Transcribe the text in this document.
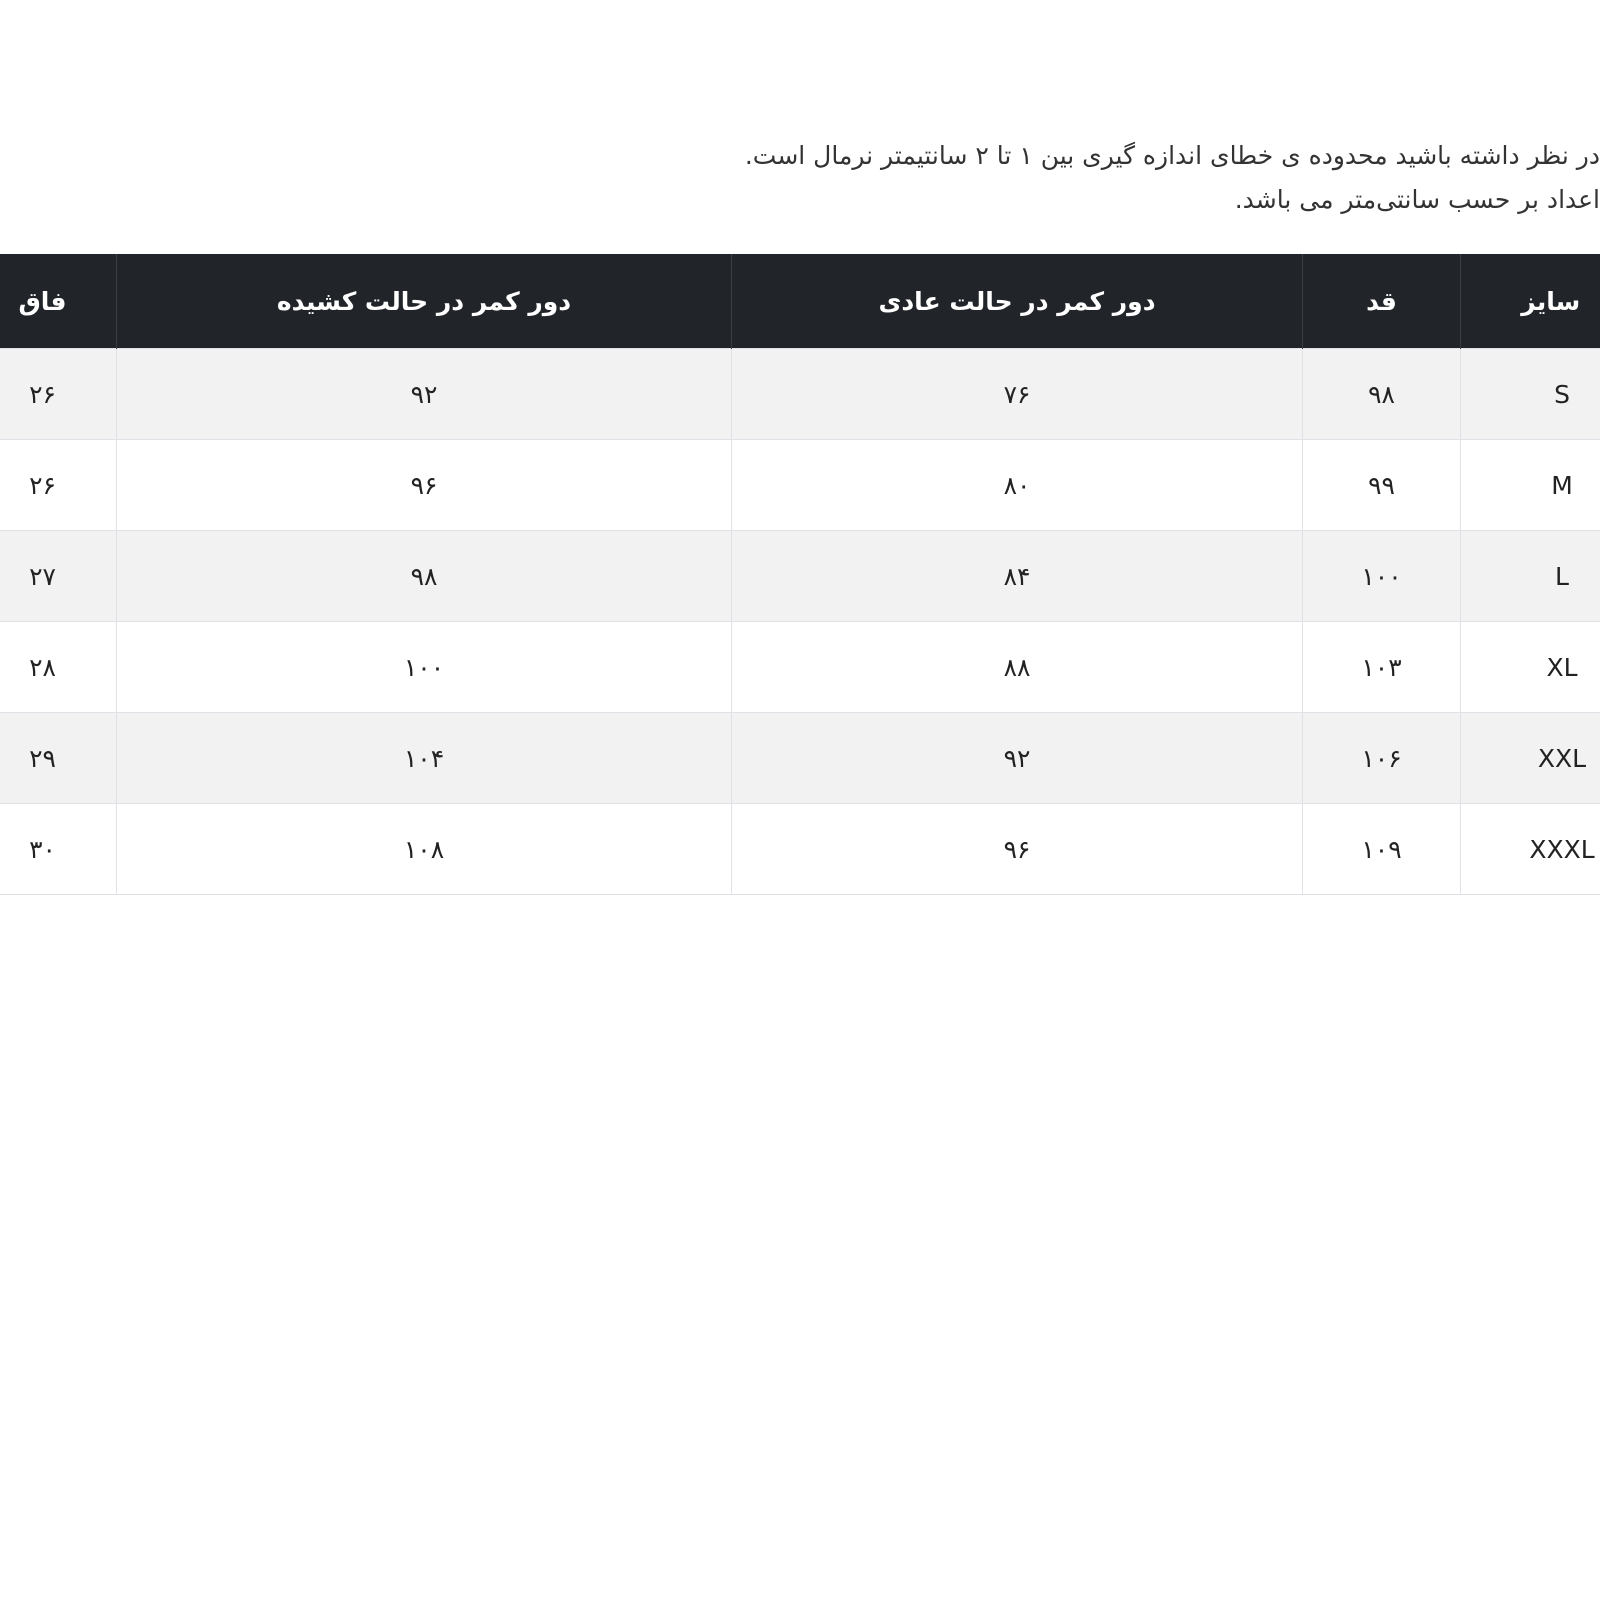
در نظر داشته باشید محدوده ی خطای اندازه گیری بین ۱ تا ۲ سانتیمتر نرمال است.
اعداد بر حسب سانتی‌متر می باشد.
سایز	قد	دور کمر در حالت عادی	دور کمر در حالت کشیده	فاق
S	۹۸	۷۶	۹۲	۲۶
M	۹۹	۸۰	۹۶	۲۶
L	۱۰۰	۸۴	۹۸	۲۷
XL	۱۰۳	۸۸	۱۰۰	۲۸
XXL	۱۰۶	۹۲	۱۰۴	۲۹
XXXL	۱۰۹	۹۶	۱۰۸	۳۰
